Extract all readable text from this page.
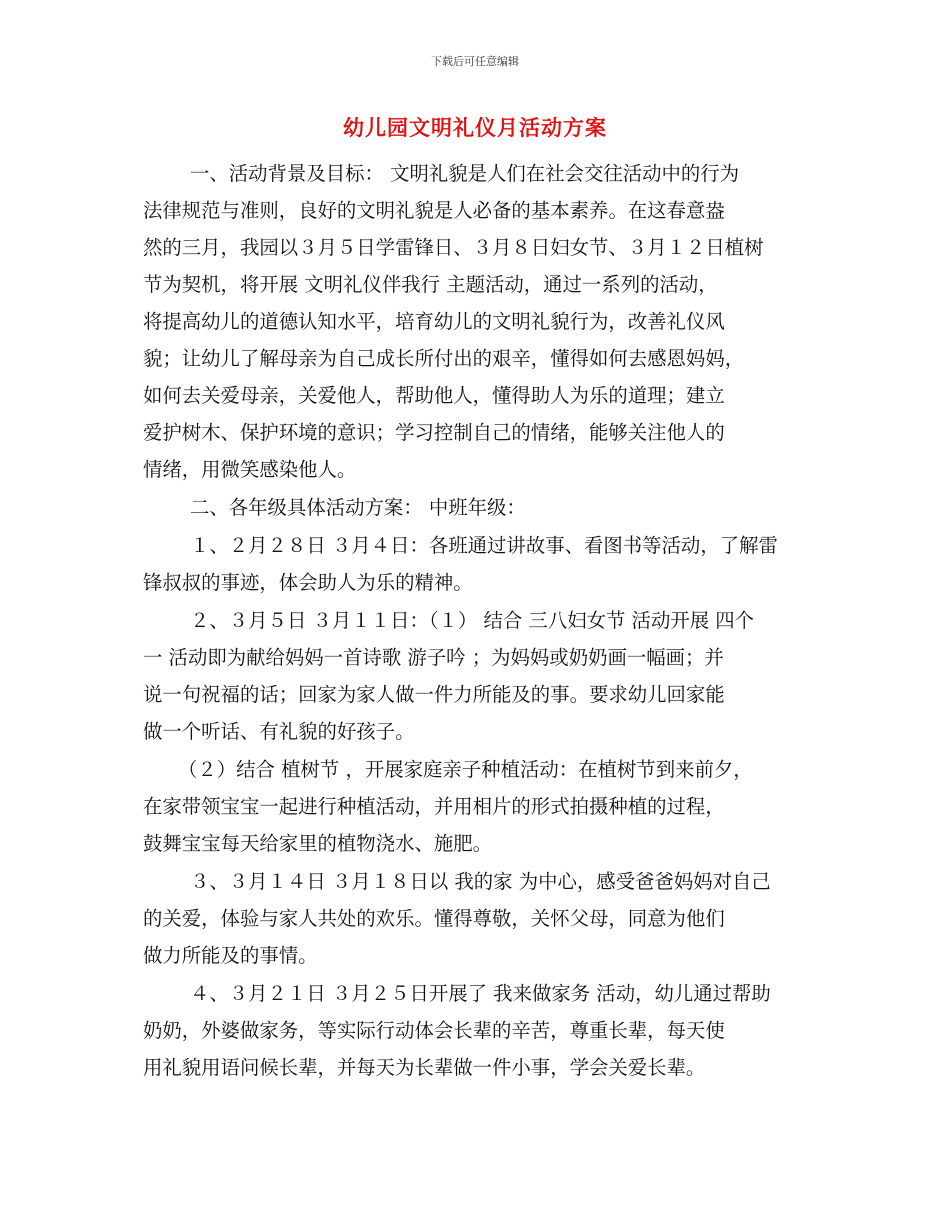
下载后可任意编辑
幼儿园文明礼仪月活动方案
一、活动背景及目标： 文明礼貌是人们在社会交往活动中的行为
法律规范与准则，良好的文明礼貌是人必备的基本素养。在这春意盎
然的三月，我园以３月５日学雷锋日、３月８日妇女节、３月１２日植树
节为契机，将开展 文明礼仪伴我行 主题活动，通过一系列的活动，
将提高幼儿的道德认知水平，培育幼儿的文明礼貌行为，改善礼仪风
貌；让幼儿了解母亲为自己成长所付出的艰辛，懂得如何去感恩妈妈，
如何去关爱母亲，关爱他人，帮助他人，懂得助人为乐的道理；建立
爱护树木、保护环境的意识；学习控制自己的情绪，能够关注他人的
情绪，用微笑感染他人。
二、各年级具体活动方案： 中班年级：
１、２月２８日 ３月４日：各班通过讲故事、看图书等活动，了解雷
锋叔叔的事迹，体会助人为乐的精神。
２、３月５日 ３月１１日：（１） 结合 三八妇女节 活动开展 四个
一 活动即为献给妈妈一首诗歌 游子吟 ；为妈妈或奶奶画一幅画；并
说一句祝福的话；回家为家人做一件力所能及的事。要求幼儿回家能
做一个听话、有礼貌的好孩子。
（２）结合 植树节 ，开展家庭亲子种植活动：在植树节到来前夕，
在家带领宝宝一起进行种植活动，并用相片的形式拍摄种植的过程，
鼓舞宝宝每天给家里的植物浇水、施肥。
３、３月１４日 ３月１８日以 我的家 为中心，感受爸爸妈妈对自己
的关爱，体验与家人共处的欢乐。懂得尊敬，关怀父母，同意为他们
做力所能及的事情。
４、３月２１日 ３月２５日开展了 我来做家务 活动，幼儿通过帮助
奶奶，外婆做家务，等实际行动体会长辈的辛苦，尊重长辈，每天使
用礼貌用语问候长辈，并每天为长辈做一件小事，学会关爱长辈。
